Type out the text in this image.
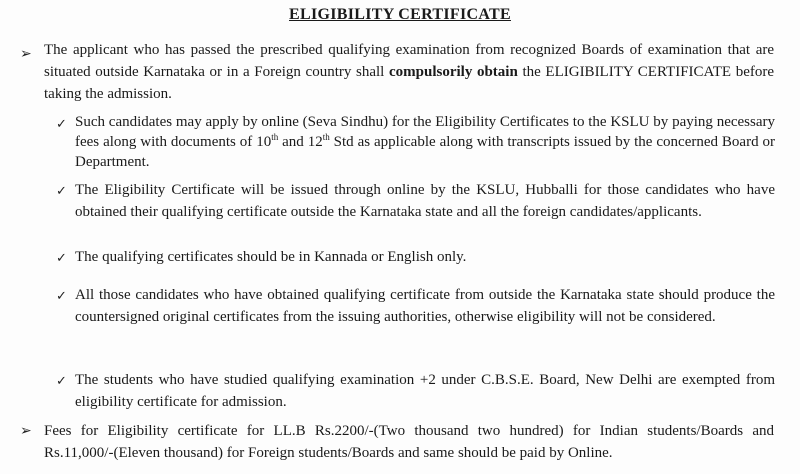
ELIGIBILITY CERTIFICATE
➢ The applicant who has passed the prescribed qualifying examination from recognized Boards of examination that are situated outside Karnataka or in a Foreign country shall compulsorily obtain the ELIGIBILITY CERTIFICATE before taking the admission.
✓ Such candidates may apply by online (Seva Sindhu) for the Eligibility Certificates to the KSLU by paying necessary fees along with documents of 10th and 12th Std as applicable along with transcripts issued by the concerned Board or Department.
✓ The Eligibility Certificate will be issued through online by the KSLU, Hubballi for those candidates who have obtained their qualifying certificate outside the Karnataka state and all the foreign candidates/applicants.
✓ The qualifying certificates should be in Kannada or English only.
✓ All those candidates who have obtained qualifying certificate from outside the Karnataka state should produce the countersigned original certificates from the issuing authorities, otherwise eligibility will not be considered.
✓ The students who have studied qualifying examination +2 under C.B.S.E. Board, New Delhi are exempted from eligibility certificate for admission.
➢ Fees for Eligibility certificate for LL.B Rs.2200/-(Two thousand two hundred) for Indian students/Boards and Rs.11,000/-(Eleven thousand) for Foreign students/Boards and same should be paid by Online.
